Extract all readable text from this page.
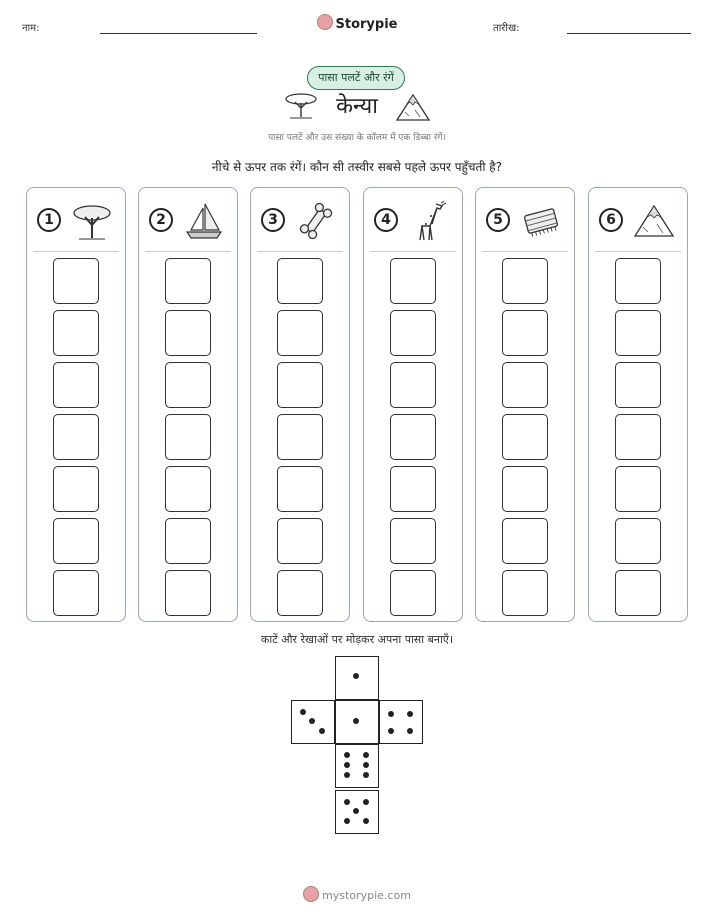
नाम:	Storypie	तारीख:
पासा पलटें और रंगें
केन्या
पासा पलटें और उस संख्या के कॉलम में एक डिब्बा रंगें।
नीचे से ऊपर तक रंगें। कौन सी तस्वीर सबसे पहले ऊपर पहुँचती है?
1	2	3	4	5	6
काटें और रेखाओं पर मोड़कर अपना पासा बनाएँ।
mystorypie.com
